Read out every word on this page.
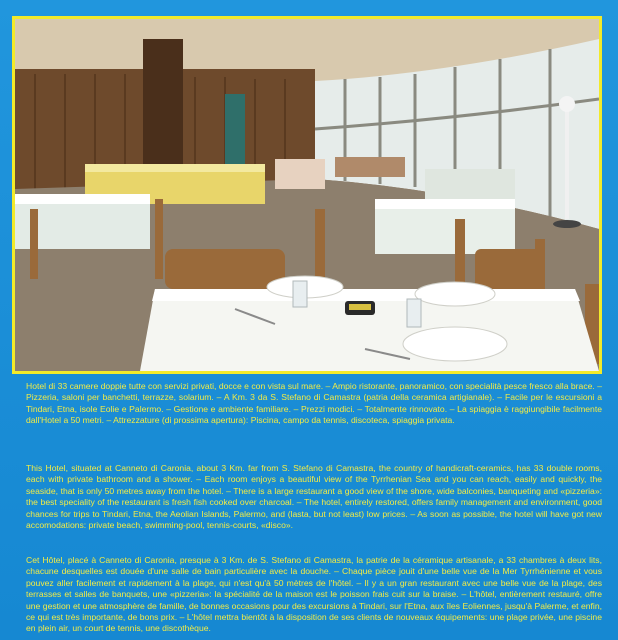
Hotel di 33 camere doppie tutte con servizi privati, docce e con vista sul mare. – Ampio ristorante, panoramico, con specialità pesce fresco alla brace. – Pizzeria, saloni per banchetti, terrazze, solarium. – A Km. 3 da S. Stefano di Camastra (patria della ceramica artigianale). – Facile per le escursioni a Tindari, Etna, isole Eolie e Palermo. – Gestione e ambiente familiare. – Prezzi modici. – Totalmente rinnovato. – La spiaggia è raggiungibile facilmente dall'Hotel a 50 metri. – Attrezzature (di prossima apertura): Piscina, campo da tennis, discoteca, spiaggia privata.

This Hotel, situated at Canneto di Caronia, about 3 Km. far from S. Stefano di Camastra, the country of handicraft-ceramics, has 33 double rooms, each with private bathroom and a shower. – Each room enjoys a beautiful view of the Tyrrhenian Sea and you can reach, easily and quickly, the seaside, that is only 50 metres away from the hotel. – There is a large restaurant a good view of the shore, wide balconies, banqueting and «pizzeria»: the best speciality of the restaurant is fresh fish cooked over charcoal. – The hotel, entirely restored, offers family management and environment, good chances for trips to Tindari, Etna, the Aeolian Islands, Palermo, and (lasta, but not least) low prices. – As soon as possible, the hotel will have got new accomodations: private beach, swimming-pool, tennis-courts, «disco».

Cet Hôtel, placé à Canneto di Caronia, presque à 3 Km. de S. Stefano di Camastra, la patrie de la céramique artisanale, a 33 chambres à deux lits, chacune desquelles est douée d'une salle de bain particulière avec la douche. – Chaque pièce jouit d'une belle vue de la Mer Tyrrhénienne et vous pouvez aller facilement et rapidement à la plage, qui n'est qu'à 50 mètres de l'hôtel. – Il y a un gran restaurant avec une belle vue de la plage, des terrasses et salles de banquets, une «pizzeria»: la spécialité de la maison est le poisson frais cuit sur la braise. – L'hôtel, entièrement restauré, offre une gestion et une atmosphère de famille, de bonnes occasions pour des excursions à Tindari, sur l'Etna, aux îles Eoliennes, jusqu'à Palerme, et enfin, ce qui est très importante, de bons prix. – L'hôtel mettra bientôt à la disposition de ses clients de nouveaux équipements: une plage privée, une piscine en plein air, un court de tennis, une discothèque.
